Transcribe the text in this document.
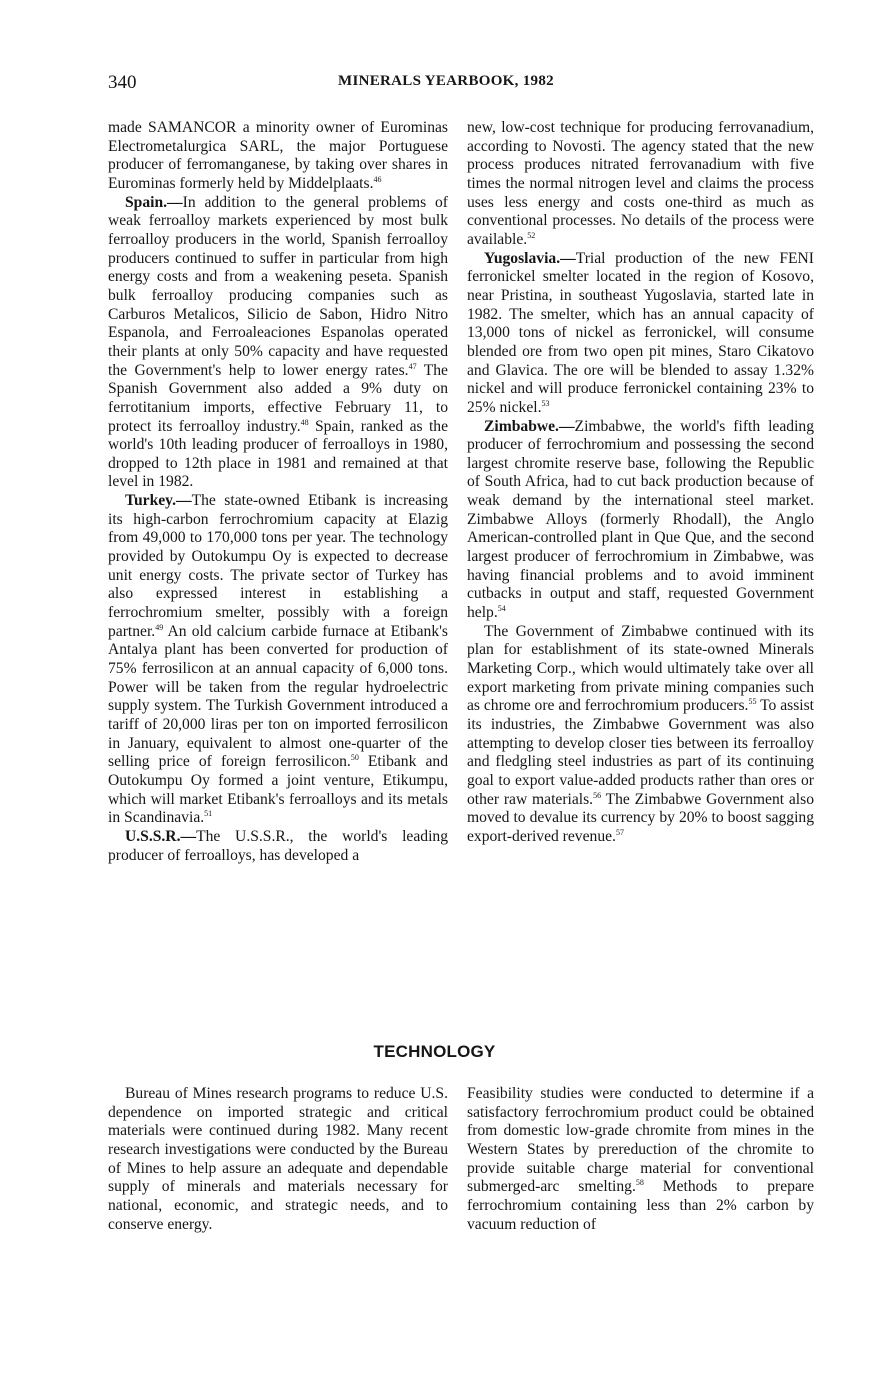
340	MINERALS YEARBOOK, 1982

made SAMANCOR a minority owner of Eurominas Electrometalurgica SARL, the major Portuguese producer of ferromanganese, by taking over shares in Eurominas formerly held by Middelplaats.$^{46}$

Spain.—In addition to the general problems of weak ferroalloy markets experienced by most bulk ferroalloy producers in the world, Spanish ferroalloy producers continued to suffer in particular from high energy costs and from a weakening peseta. Spanish bulk ferroalloy producing companies such as Carburos Metalicos, Silicio de Sabon, Hidro Nitro Espanola, and Ferroaleaciones Espanolas operated their plants at only 50% capacity and have requested the Government's help to lower energy rates.$^{47}$ The Spanish Government also added a 9% duty on ferrotitanium imports, effective February 11, to protect its ferroalloy industry.$^{48}$ Spain, ranked as the world's 10th leading producer of ferroalloys in 1980, dropped to 12th place in 1981 and remained at that level in 1982.

Turkey.—The state-owned Etibank is increasing its high-carbon ferrochromium capacity at Elazig from 49,000 to 170,000 tons per year. The technology provided by Outokumpu Oy is expected to decrease unit energy costs. The private sector of Turkey has also expressed interest in establishing a ferrochromium smelter, possibly with a foreign partner.$^{49}$ An old calcium carbide furnace at Etibank's Antalya plant has been converted for production of 75% ferrosilicon at an annual capacity of 6,000 tons. Power will be taken from the regular hydroelectric supply system. The Turkish Government introduced a tariff of 20,000 liras per ton on imported ferrosilicon in January, equivalent to almost one-quarter of the selling price of foreign ferrosilicon.$^{50}$ Etibank and Outokumpu Oy formed a joint venture, Etikumpu, which will market Etibank's ferroalloys and its metals in Scandinavia.$^{51}$

U.S.S.R.—The U.S.S.R., the world's leading producer of ferroalloys, has developed a

new, low-cost technique for producing ferrovanadium, according to Novosti. The agency stated that the new process produces nitrated ferrovanadium with five times the normal nitrogen level and claims the process uses less energy and costs one-third as much as conventional processes. No details of the process were available.$^{52}$

Yugoslavia.—Trial production of the new FENI ferronickel smelter located in the region of Kosovo, near Pristina, in southeast Yugoslavia, started late in 1982. The smelter, which has an annual capacity of 13,000 tons of nickel as ferronickel, will consume blended ore from two open pit mines, Staro Cikatovo and Glavica. The ore will be blended to assay 1.32% nickel and will produce ferronickel containing 23% to 25% nickel.$^{53}$

Zimbabwe.—Zimbabwe, the world's fifth leading producer of ferrochromium and possessing the second largest chromite reserve base, following the Republic of South Africa, had to cut back production because of weak demand by the international steel market. Zimbabwe Alloys (formerly Rhodall), the Anglo American-controlled plant in Que Que, and the second largest producer of ferrochromium in Zimbabwe, was having financial problems and to avoid imminent cutbacks in output and staff, requested Government help.$^{54}$

The Government of Zimbabwe continued with its plan for establishment of its state-owned Minerals Marketing Corp., which would ultimately take over all export marketing from private mining companies such as chrome ore and ferrochromium producers.$^{55}$ To assist its industries, the Zimbabwe Government was also attempting to develop closer ties between its ferroalloy and fledgling steel industries as part of its continuing goal to export value-added products rather than ores or other raw materials.$^{56}$ The Zimbabwe Government also moved to devalue its currency by 20% to boost sagging export-derived revenue.$^{57}$

TECHNOLOGY

Bureau of Mines research programs to reduce U.S. dependence on imported strategic and critical materials were continued during 1982. Many recent research investigations were conducted by the Bureau of Mines to help assure an adequate and dependable supply of minerals and materials necessary for national, economic, and strategic needs, and to conserve energy.

Feasibility studies were conducted to determine if a satisfactory ferrochromium product could be obtained from domestic low-grade chromite from mines in the Western States by prereduction of the chromite to provide suitable charge material for conventional submerged-arc smelting.$^{58}$ Methods to prepare ferrochromium containing less than 2% carbon by vacuum reduction of
